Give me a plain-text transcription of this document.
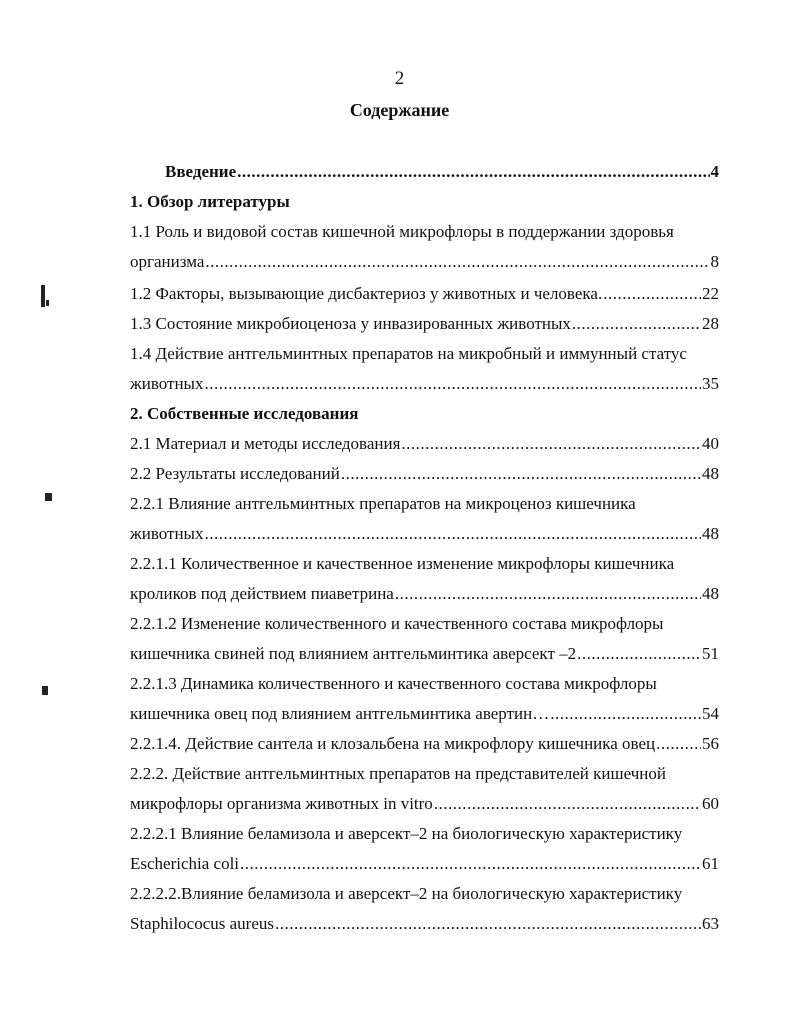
2
Содержание
Введение .....	4
1. Обзор литературы
1.1 Роль и видовой состав кишечной микрофлоры в поддержании здоровья
организма .....	8
1.2 Факторы, вызывающие дисбактериоз у животных и человека. .....	22
1.3 Состояние микробиоценоза у инвазированных животных .....	28
1.4 Действие антгельминтных препаратов на микробный и иммунный статус
животных .....	35
2. Собственные исследования
2.1 Материал и методы исследования .....	40
2.2 Результаты исследований .....	48
2.2.1 Влияние антгельминтных препаратов на микроценоз кишечника
животных .....	48
2.2.1.1 Количественное и качественное изменение микрофлоры кишечника
кроликов под действием пиаветрина .....	48
2.2.1.2 Изменение количественного и качественного состава микрофлоры
кишечника свиней под влиянием антгельминтика аверсект –2 .....	51
2.2.1.3 Динамика количественного и качественного состава микрофлоры
кишечника овец под влиянием антгельминтика авертин… .....	54
2.2.1.4. Действие сантела и клозальбена на микрофлору кишечника овец .....	56
2.2.2. Действие антгельминтных препаратов на представителей кишечной
микрофлоры организма животных in vitro .....	60
2.2.2.1 Влияние беламизола и аверсект–2 на биологическую характеристику
Escherichia coli .....	61
2.2.2.2.Влияние беламизола и аверсект–2 на биологическую характеристику
Staphilococus aureus .....	63
